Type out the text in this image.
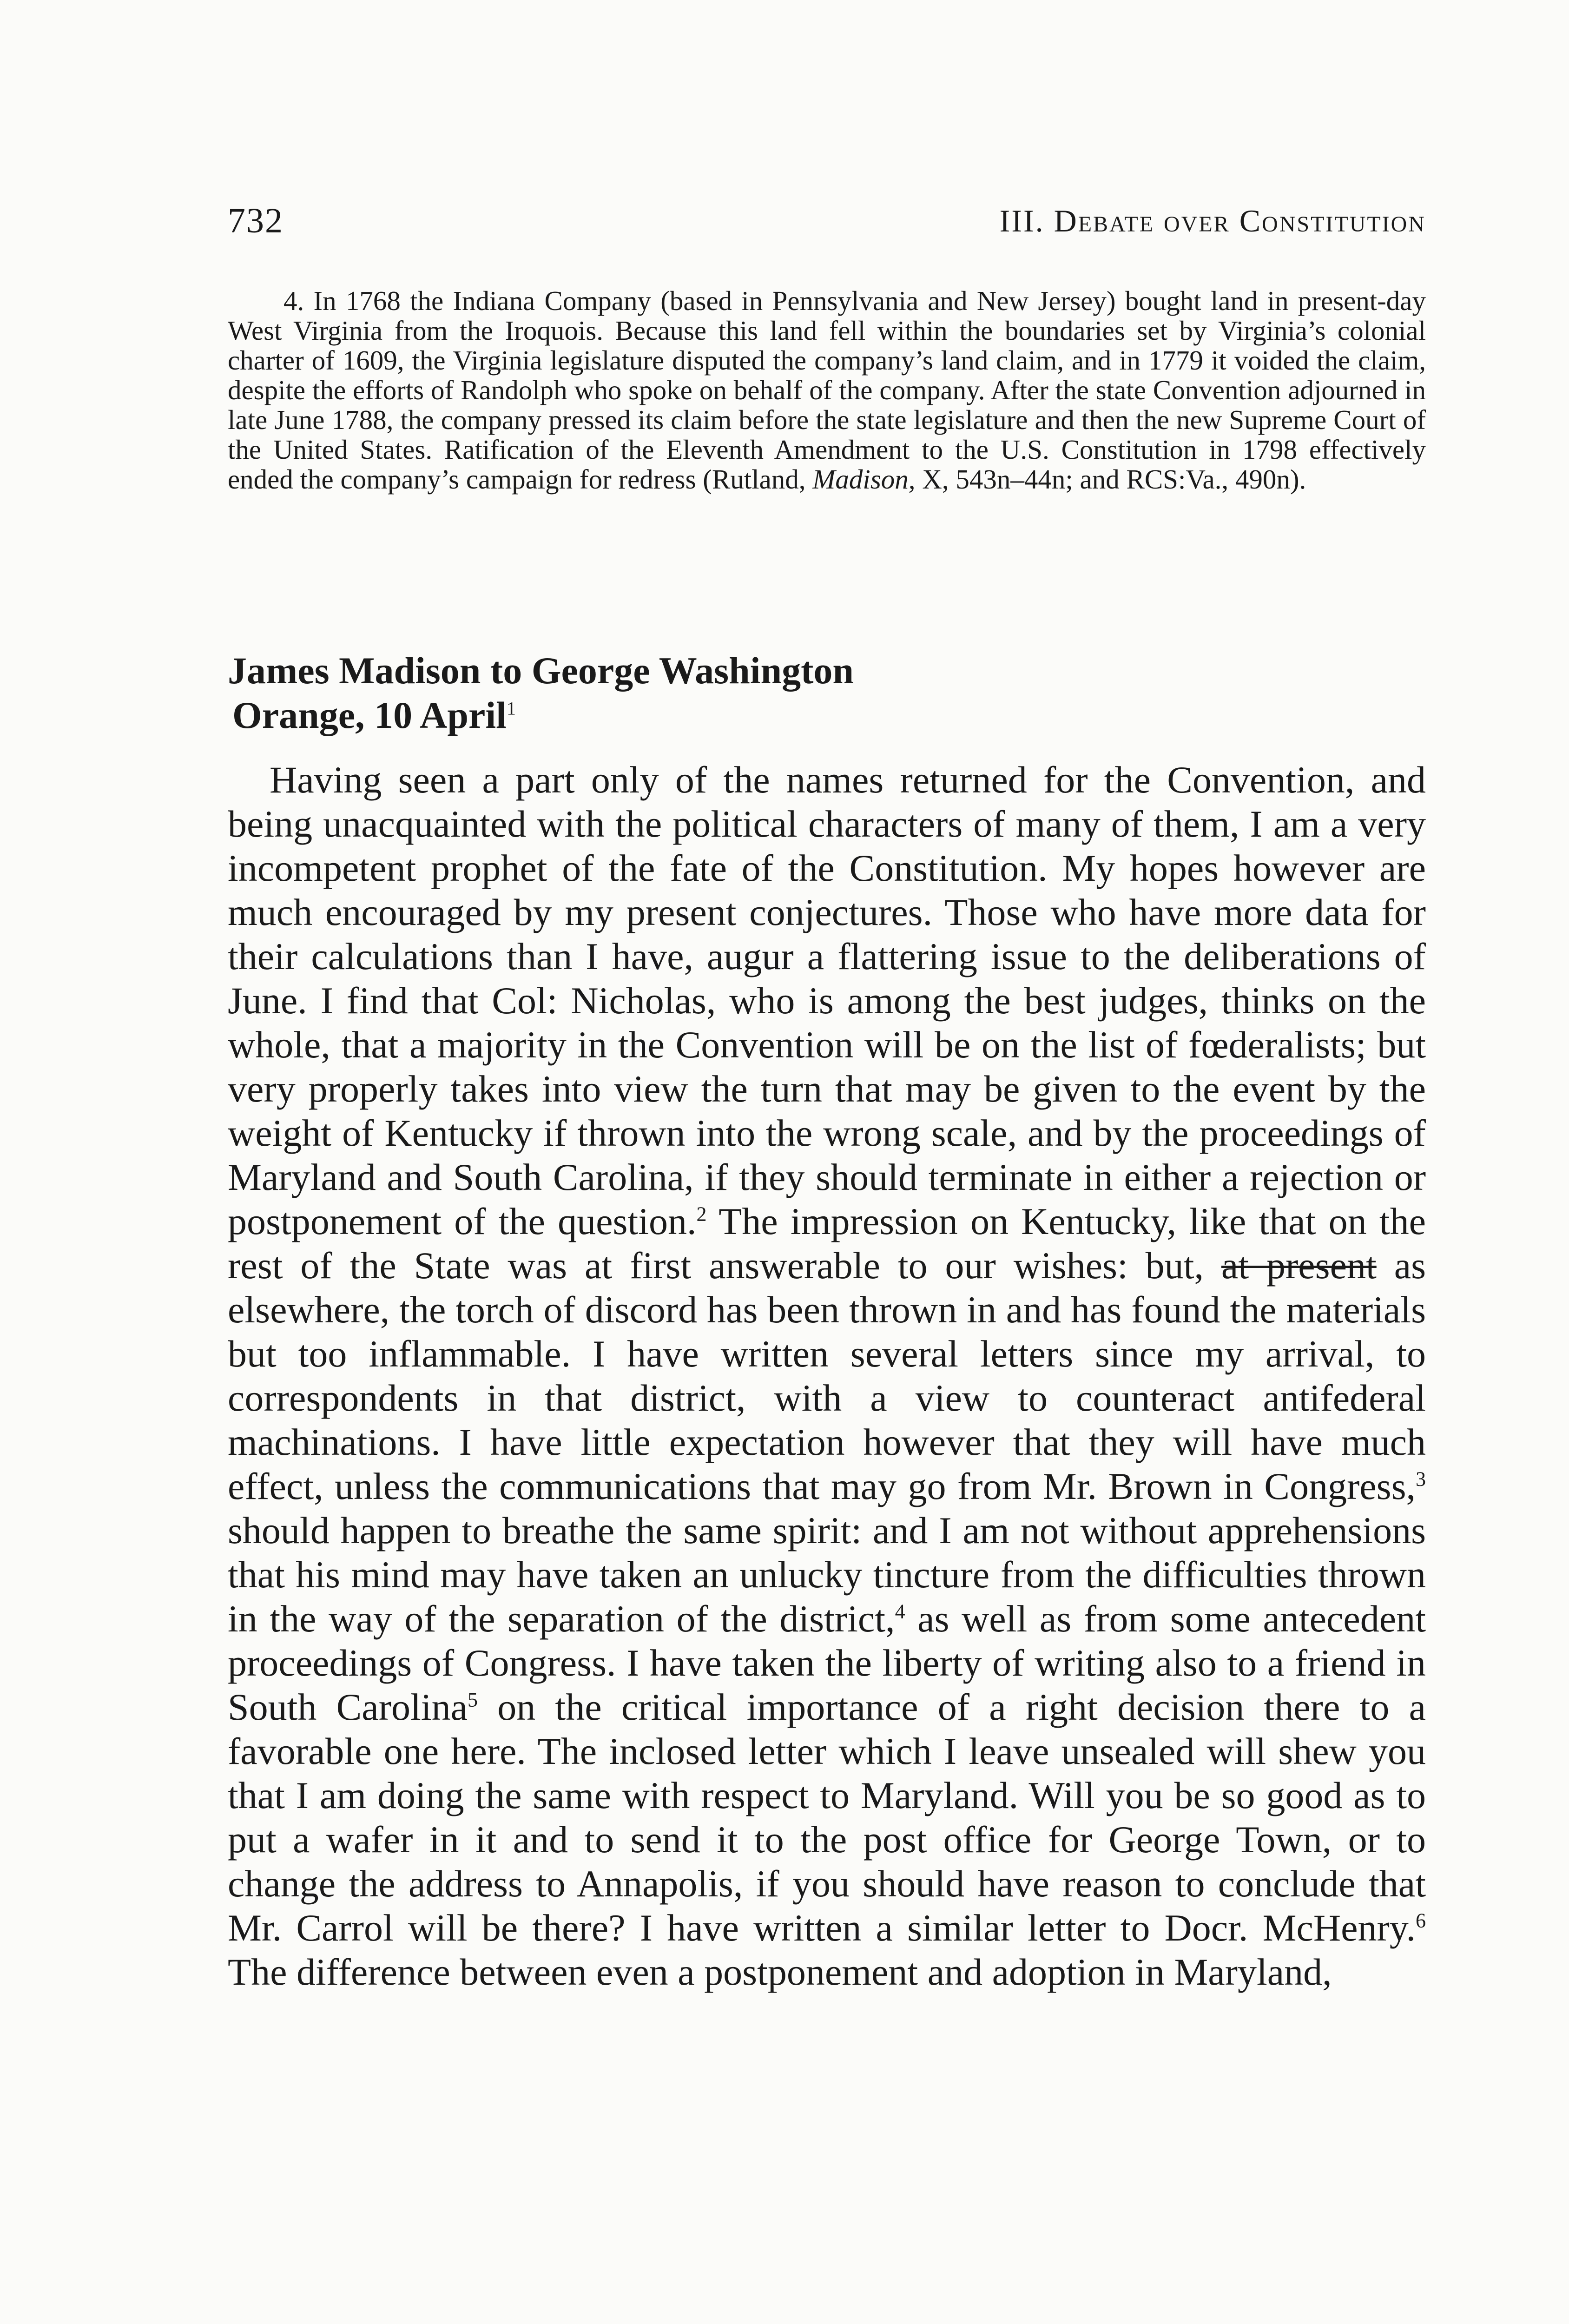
732	III. Debate over Constitution

4. In 1768 the Indiana Company (based in Pennsylvania and New Jersey) bought land in present-day West Virginia from the Iroquois. Because this land fell within the boundaries set by Virginia’s colonial charter of 1609, the Virginia legislature disputed the company’s land claim, and in 1779 it voided the claim, despite the efforts of Randolph who spoke on behalf of the company. After the state Convention adjourned in late June 1788, the company pressed its claim before the state legislature and then the new Supreme Court of the United States. Ratification of the Eleventh Amendment to the U.S. Constitution in 1798 effectively ended the company’s campaign for redress (Rutland, Madison, X, 543n–44n; and RCS:Va., 490n).

James Madison to George Washington
Orange, 10 April$^1$

Having seen a part only of the names returned for the Convention, and being unacquainted with the political characters of many of them, I am a very incompetent prophet of the fate of the Constitution. My hopes however are much encouraged by my present conjectures. Those who have more data for their calculations than I have, augur a flattering issue to the deliberations of June. I find that Col: Nicholas, who is among the best judges, thinks on the whole, that a majority in the Convention will be on the list of fœderalists; but very properly takes into view the turn that may be given to the event by the weight of Kentucky if thrown into the wrong scale, and by the proceedings of Maryland and South Carolina, if they should terminate in either a rejection or postponement of the question.$^2$ The impression on Kentucky, like that on the rest of the State was at first answerable to our wishes: but, at present as elsewhere, the torch of discord has been thrown in and has found the materials but too inflammable. I have written several letters since my arrival, to correspondents in that district, with a view to counteract antifederal machinations. I have little expectation however that they will have much effect, unless the communications that may go from Mr. Brown in Congress,$^3$ should happen to breathe the same spirit: and I am not without apprehensions that his mind may have taken an unlucky tincture from the difficulties thrown in the way of the separation of the district,$^4$ as well as from some antecedent proceedings of Congress. I have taken the liberty of writing also to a friend in South Carolina$^5$ on the critical importance of a right decision there to a favorable one here. The inclosed letter which I leave unsealed will shew you that I am doing the same with respect to Maryland. Will you be so good as to put a wafer in it and to send it to the post office for George Town, or to change the address to Annapolis, if you should have reason to conclude that Mr. Carrol will be there? I have written a similar letter to Docr. McHenry.$^6$ The difference between even a postponement and adoption in Maryland,
